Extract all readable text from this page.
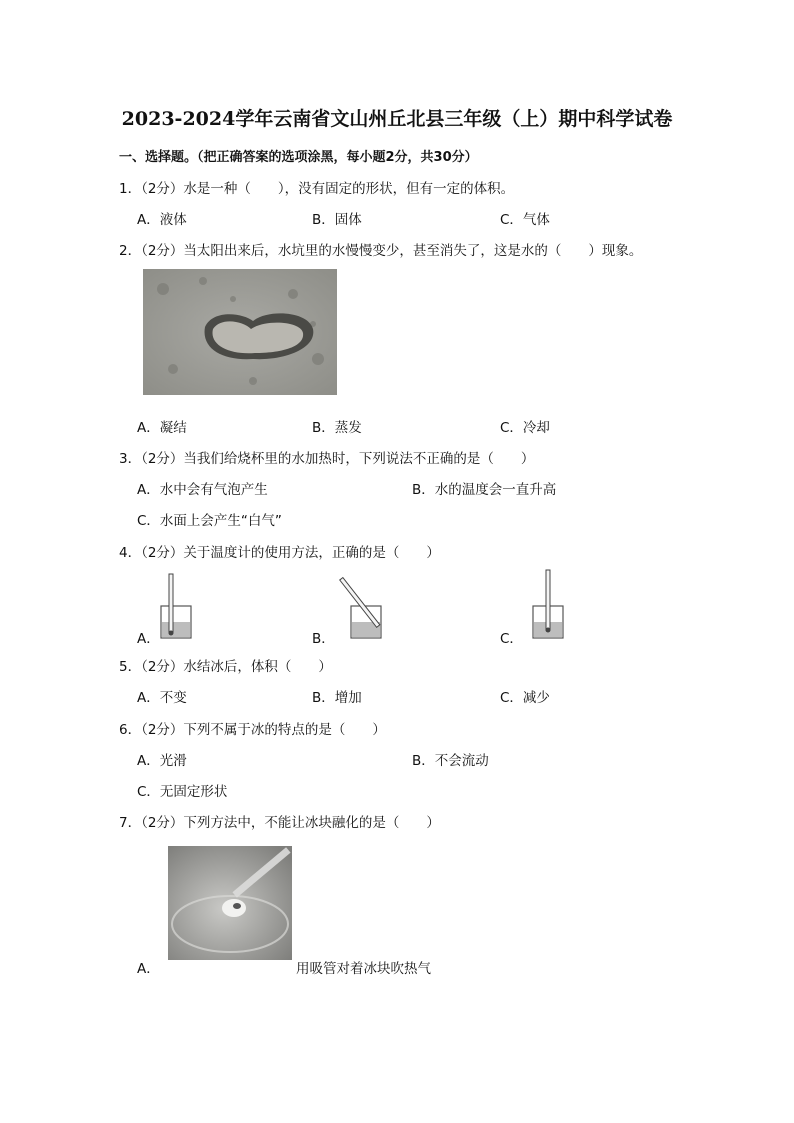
2023-2024学年云南省文山州丘北县三年级（上）期中科学试卷
一、选择题。（把正确答案的选项涂黑，每小题2分，共30分）
1．（2分）水是一种（　　），没有固定的形状，但有一定的体积。
A．液体	B．固体	C．气体
2．（2分）当太阳出来后，水坑里的水慢慢变少，甚至消失了，这是水的（　　）现象。
A．凝结	B．蒸发	C．冷却
3．（2分）当我们给烧杯里的水加热时，下列说法不正确的是（　　）
A．水中会有气泡产生	B．水的温度会一直升高
C．水面上会产生“白气”
4．（2分）关于温度计的使用方法，正确的是（　　）
A．	B．	C．
5．（2分）水结冰后，体积（　　）
A．不变	B．增加	C．减少
6．（2分）下列不属于冰的特点的是（　　）
A．光滑	B．不会流动
C．无固定形状
7．（2分）下列方法中，不能让冰块融化的是（　　）
A．	用吸管对着冰块吹热气
